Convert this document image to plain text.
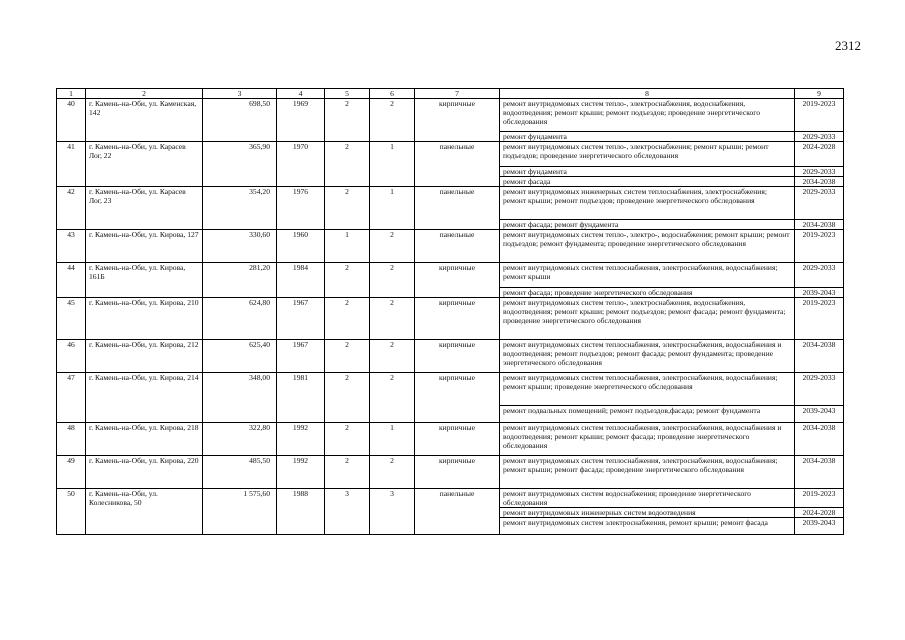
2312
1	2	3	4	5	6	7	8	9
40	г. Камень-на-Оби, ул. Каменская, 142	698,50	1969	2	2	кирпичные	ремонт внутридомовых систем тепло-, электроснабжения, водоснабжения, водоотведения; ремонт крыши; ремонт подъездов; проведение энергетического обследования	2019-2023
							ремонт фундамента	2029-2033
41	г. Камень-на-Оби, ул. Карасев Лог, 22	365,90	1970	2	1	панельные	ремонт внутридомовых систем тепло-, электроснабжения; ремонт крыши; ремонт подъездов; проведение энергетического обследования	2024-2028
							ремонт фундамента	2029-2033
							ремонт фасада	2034-2038
42	г. Камень-на-Оби, ул. Карасев Лог, 23	354,20	1976	2	1	панельные	ремонт внутридомовых инженерных систем теплоснабжения, электроснабжения; ремонт крыши; ремонт подъездов; проведение энергетического обследования	2029-2033
							ремонт фасада; ремонт фундамента	2034-2038
43	г. Камень-на-Оби, ул. Кирова, 127	330,60	1960	1	2	панельные	ремонт внутридомовых систем тепло-, электро-, водоснабжения; ремонт крыши; ремонт подъездов; ремонт фундамента; проведение энергетического обследования	2019-2023
44	г. Камень-на-Оби, ул. Кирова, 161Б	281,20	1984	2	2	кирпичные	ремонт внутридомовых систем теплоснабжения, электроснабжения, водоснабжения; ремонт крыши	2029-2033
							ремонт фасада; проведение энергетического обследования	2039-2043
45	г. Камень-на-Оби, ул. Кирова, 210	624,80	1967	2	2	кирпичные	ремонт внутридомовых систем тепло-, электроснабжения, водоснабжения, водоотведения; ремонт крыши; ремонт подъездов; ремонт фасада; ремонт фундамента; проведение энергетического обследования	2019-2023
46	г. Камень-на-Оби, ул. Кирова, 212	625,40	1967	2	2	кирпичные	ремонт внутридомовых систем теплоснабжения, электроснабжения, водоснабжения и водоотведения; ремонт подъездов; ремонт фасада; ремонт фундамента; проведение энергетического обследования	2034-2038
47	г. Камень-на-Оби, ул. Кирова, 214	348,00	1981	2	2	кирпичные	ремонт внутридомовых систем теплоснабжения, электроснабжения, водоснабжения; ремонт крыши; проведение энергетического обследования	2029-2033
							ремонт подвальных помещений; ремонт подъездов,фасада; ремонт фундамента	2039-2043
48	г. Камень-на-Оби, ул. Кирова, 218	322,80	1992	2	1	кирпичные	ремонт внутридомовых систем теплоснабжения, электроснабжения, водоснабжения и водоотведения; ремонт крыши; ремонт фасада; проведение энергетического обследования	2034-2038
49	г. Камень-на-Оби, ул. Кирова, 220	485,50	1992	2	2	кирпичные	ремонт внутридомовых систем теплоснабжения, электроснабжения, водоснабжения; ремонт крыши; ремонт фасада; проведение энергетического обследования	2034-2038
50	г. Камень-на-Оби, ул. Колесникова, 50	1 575,60	1988	3	3	панельные	ремонт внутридомовых систем водоснабжения; проведение энергетического обследования	2019-2023
							ремонт внутридомовых инженерных систем водоотведения	2024-2028
							ремонт внутридомовых систем электроснабжения, ремонт крыши; ремонт фасада	2039-2043
